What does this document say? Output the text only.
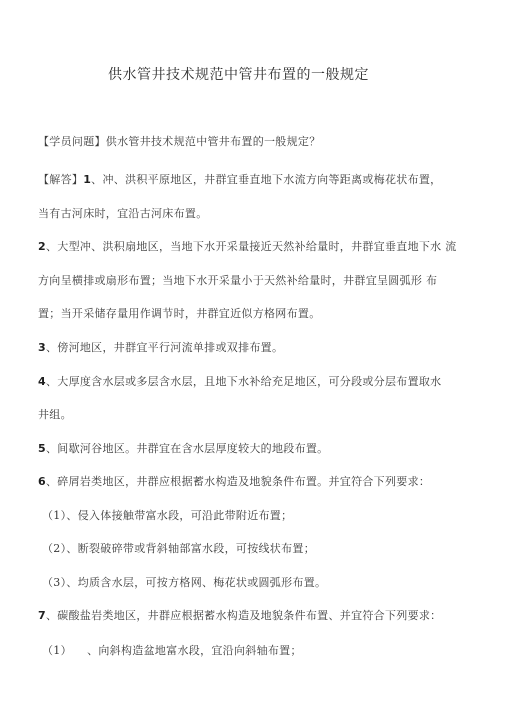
供水管井技术规范中管井布置的一般规定
【学员问题】供水管井技术规范中管井布置的一般规定？
【解答】1、冲、洪积平原地区，井群宜垂直地下水流方向等距离或梅花状布置，
当有古河床时，宜沿古河床布置。
2、大型冲、洪积扇地区，当地下水开采量接近天然补给量时，井群宜垂直地下水 流
方向呈横排或扇形布置；当地下水开采量小于天然补给量时，井群宜呈圆弧形 布
置；当开采储存量用作调节时，井群宜近似方格网布置。
3、傍河地区，井群宜平行河流单排或双排布置。
4、大厚度含水层或多层含水层，且地下水补给充足地区，可分段或分层布置取水
井组。
5、间歇河谷地区。井群宜在含水层厚度较大的地段布置。
6、碎屑岩类地区，井群应根据蓄水构造及地貌条件布置。并宜符合下列要求：
（1）、侵入体接触带富水段，可沿此带附近布置；
（2）、断裂破碎带或背斜轴部富水段，可按线状布置；
（3）、均质含水层，可按方格网、梅花状或圆弧形布置。
7、碳酸盐岩类地区，井群应根据蓄水构造及地貌条件布置、并宜符合下列要求：
（1）    、向斜构造盆地富水段，宜沿向斜轴布置；
